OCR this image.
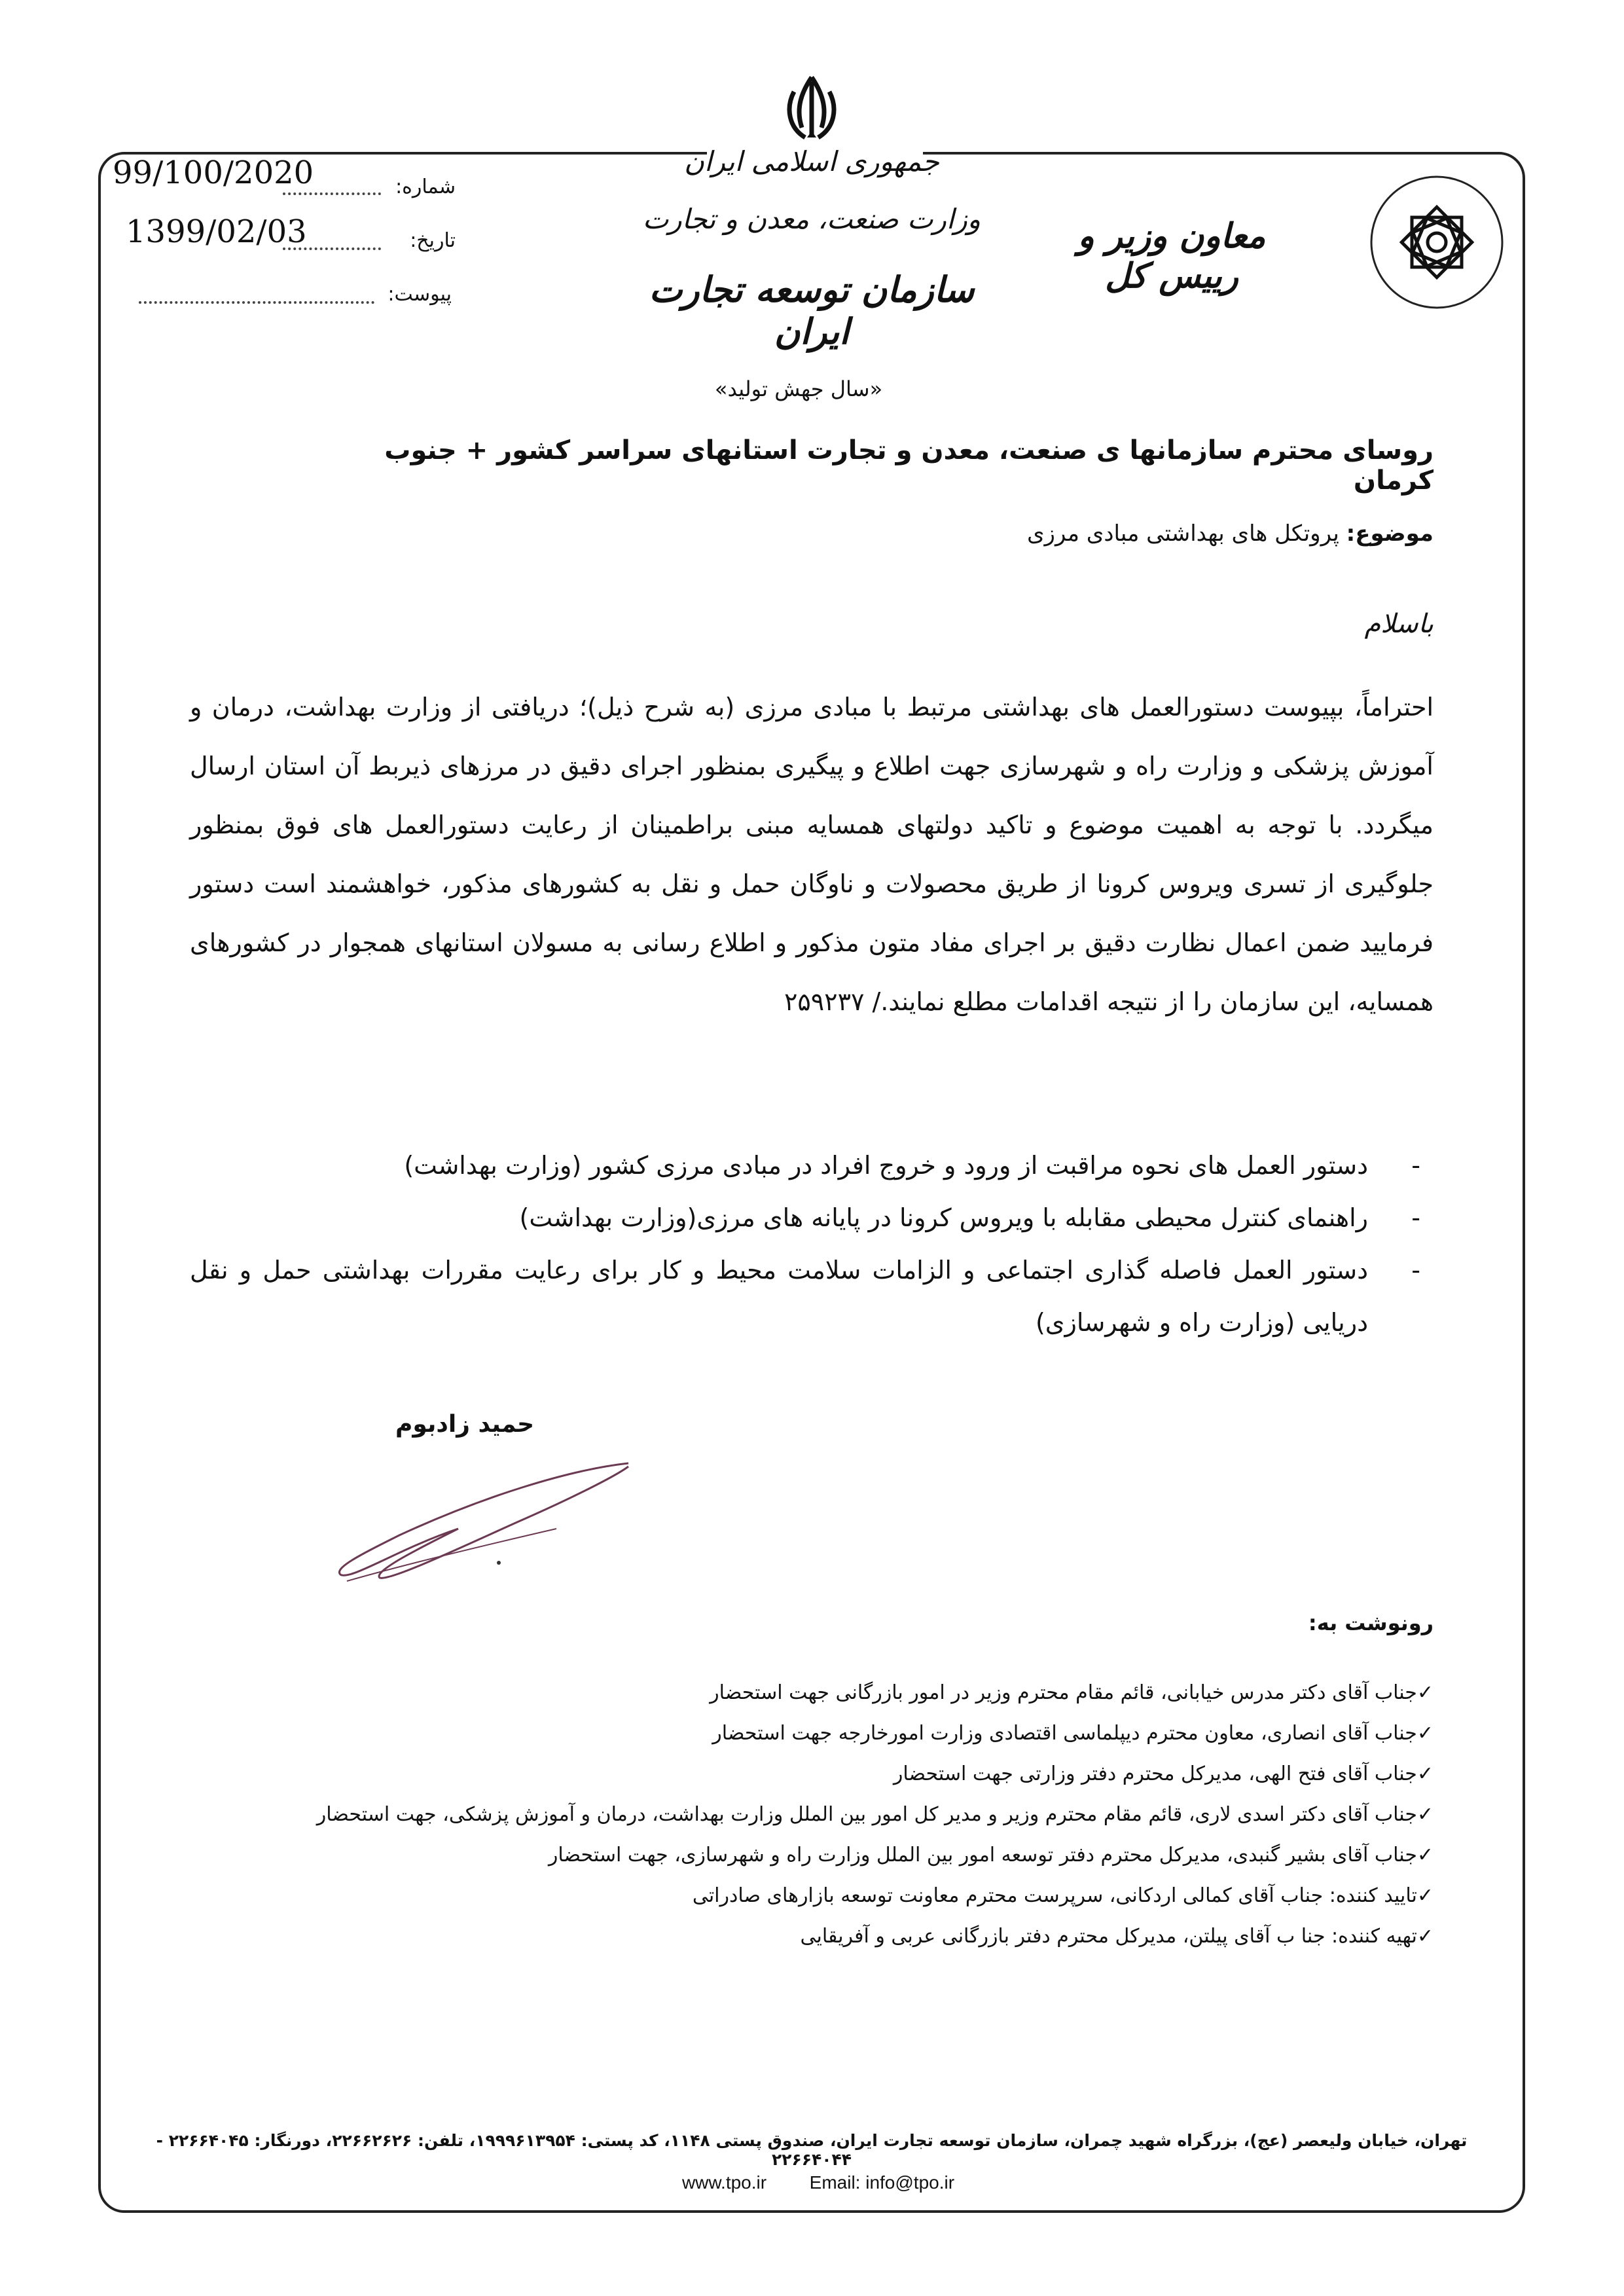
جمهوری اسلامی ایران
وزارت صنعت، معدن و تجارت
سازمان توسعه تجارت ایران
معاون وزیر و رییس کل
شماره:
99/100/2020
تاریخ:
1399/02/03
پیوست:
«سال جهش تولید»
روسای محترم سازمانها ی صنعت، معدن و تجارت استانهای سراسر کشور + جنوب کرمان
موضوع: پروتکل های بهداشتی مبادی مرزی
باسلام
احتراماً، بپیوست دستورالعمل های بهداشتی مرتبط با مبادی مرزی (به شرح ذیل)؛ دریافتی از وزارت بهداشت، درمان و آموزش پزشکی و وزارت راه و شهرسازی جهت اطلاع و پیگیری بمنظور اجرای دقیق در مرزهای ذیربط آن استان ارسال میگردد. با توجه به اهمیت موضوع و تاکید دولتهای همسایه مبنی براطمینان از رعایت دستورالعمل های فوق بمنظور جلوگیری از تسری ویروس کرونا از طریق محصولات و ناوگان حمل و نقل به کشورهای مذکور، خواهشمند است دستور فرمایید ضمن اعمال نظارت دقیق بر اجرای مفاد متون مذکور و اطلاع رسانی به مسولان استانهای همجوار در کشورهای همسایه، این سازمان را از نتیجه اقدامات مطلع نمایند./ ۲۵۹۲۳۷
-
دستور العمل های نحوه مراقبت از ورود و خروج افراد در مبادی مرزی کشور (وزارت بهداشت)
-
راهنمای کنترل محیطی مقابله با ویروس کرونا در پایانه های مرزی(وزارت بهداشت)
-
دستور العمل فاصله گذاری اجتماعی و الزامات سلامت محیط و کار برای رعایت مقررات بهداشتی حمل و نقل دریایی (وزارت راه و شهرسازی)
حمید زادبوم
رونوشت به:
✓جناب آقای دکتر مدرس خیابانی، قائم مقام محترم وزیر در امور بازرگانی جهت استحضار
✓جناب آقای انصاری، معاون محترم دیپلماسی اقتصادی وزارت امورخارجه جهت استحضار
✓جناب آقای فتح الهی، مدیرکل محترم دفتر وزارتی جهت استحضار
✓جناب آقای دکتر اسدی لاری، قائم مقام محترم وزیر و مدیر کل امور بین الملل وزارت بهداشت، درمان و آموزش پزشکی، جهت استحضار
✓جناب آقای بشیر گنبدی، مدیرکل محترم دفتر توسعه امور بین الملل وزارت راه و شهرسازی، جهت استحضار
✓تایید کننده: جناب آقای کمالی اردکانی، سرپرست محترم معاونت توسعه بازارهای صادراتی
✓تهیه کننده: جنا ب آقای پیلتن، مدیرکل محترم دفتر بازرگانی عربی و آفریقایی
تهران، خیابان ولیعصر (عج)، بزرگراه شهید چمران، سازمان توسعه تجارت ایران، صندوق پستی ۱۱۴۸، کد پستی: ۱۹۹۹۶۱۳۹۵۴، تلفن: ۲۲۶۶۲۶۲۶، دورنگار: ۲۲۶۶۴۰۴۵ - ۲۲۶۶۴۰۴۴
www.tpo.ir Email: info@tpo.ir
